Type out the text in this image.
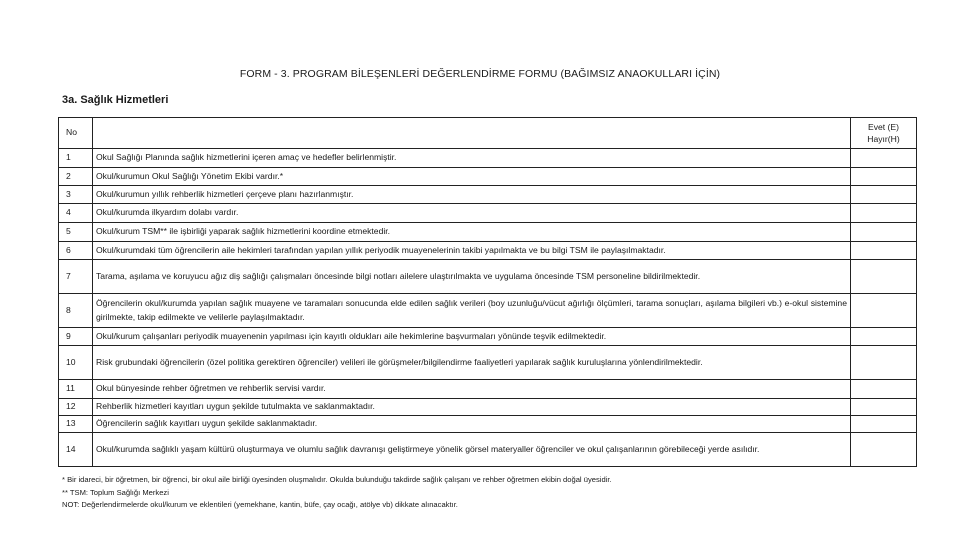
FORM - 3. PROGRAM BİLEŞENLERİ DEĞERLENDİRME FORMU (BAĞIMSIZ ANAOKULLARI İÇİN)
3a. Sağlık Hizmetleri
No		Evet (E)
Hayır(H)

1	Okul Sağlığı Planında sağlık hizmetlerini içeren amaç ve hedefler belirlenmiştir.	
2	Okul/kurumun Okul Sağlığı Yönetim Ekibi vardır.*	
3	Okul/kurumun yıllık rehberlik hizmetleri çerçeve planı hazırlanmıştır.	
4	Okul/kurumda ilkyardım dolabı vardır.	
5	Okul/kurum TSM** ile işbirliği yaparak sağlık hizmetlerini koordine etmektedir.	
6	Okul/kurumdaki tüm öğrencilerin aile hekimleri tarafından yapılan yıllık periyodik muayenelerinin takibi yapılmakta ve bu bilgi TSM ile paylaşılmaktadır.	
7	Tarama, aşılama ve koruyucu ağız diş sağlığı çalışmaları öncesinde bilgi notları ailelere ulaştırılmakta ve uygulama öncesinde TSM personeline bildirilmektedir.	
8	Öğrencilerin okul/kurumda yapılan sağlık muayene ve taramaları sonucunda elde edilen sağlık verileri (boy uzunluğu/vücut ağırlığı ölçümleri, tarama sonuçları, aşılama bilgileri vb.) e-okul sistemine girilmekte, takip edilmekte ve velilerle paylaşılmaktadır.	
9	Okul/kurum çalışanları periyodik muayenenin yapılması için kayıtlı oldukları aile hekimlerine başvurmaları yönünde teşvik edilmektedir.	
10	Risk grubundaki öğrencilerin (özel politika gerektiren öğrenciler) velileri ile görüşmeler/bilgilendirme faaliyetleri yapılarak sağlık kuruluşlarına yönlendirilmektedir.	
11	Okul bünyesinde rehber öğretmen ve rehberlik servisi vardır.	
12	Rehberlik hizmetleri kayıtları uygun şekilde tutulmakta ve saklanmaktadır.	
13	Öğrencilerin sağlık kayıtları uygun şekilde saklanmaktadır.	
14	Okul/kurumda sağlıklı yaşam kültürü oluşturmaya ve olumlu sağlık davranışı geliştirmeye yönelik görsel materyaller öğrenciler ve okul çalışanlarının görebileceği yerde asılıdır.	
* Bir idareci, bir öğretmen, bir öğrenci, bir okul aile birliği üyesinden oluşmalıdır. Okulda bulunduğu takdirde sağlık çalışanı ve rehber öğretmen ekibin doğal üyesidir.
** TSM: Toplum Sağlığı Merkezi
NOT: Değerlendirmelerde okul/kurum ve eklentileri (yemekhane, kantin, büfe, çay ocağı, atölye vb) dikkate alınacaktır.
